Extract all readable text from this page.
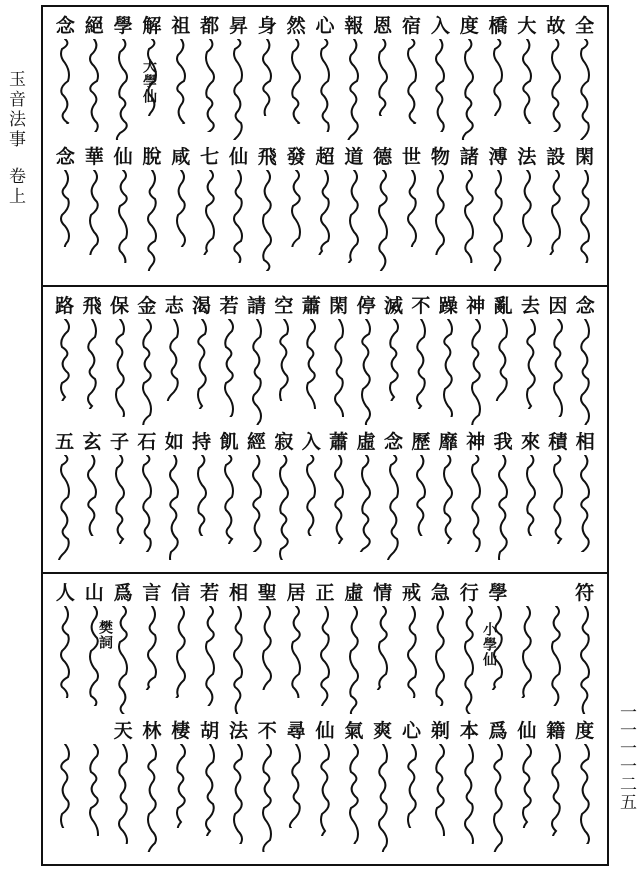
玉音法事  卷上
一一一一二五
大學仙
全
閑
故
設
大
法
橋
溥
度
諸
入
物
宿
世
恩
德
報
道
心
超
然
發
身
飛
昇
仙
都
七
祖
咸
解
脫
學
仙
絕
華
念
念
念
相
因
積
去
來
亂
我
神
神
躁
靡
不
歷
滅
念
停
虛
閑
蕭
蕭
入
空
寂
請
經
若
飢
渴
持
志
如
金
石
保
子
飛
玄
路
五
小學仙
樊詞
符
度
籍
仙
學
爲
行
本
急
剃
戒
心
情
爽
虛
氣
正
仙
居
尋
聖
不
相
法
若
胡
信
棲
言
林
爲
天
山
人
